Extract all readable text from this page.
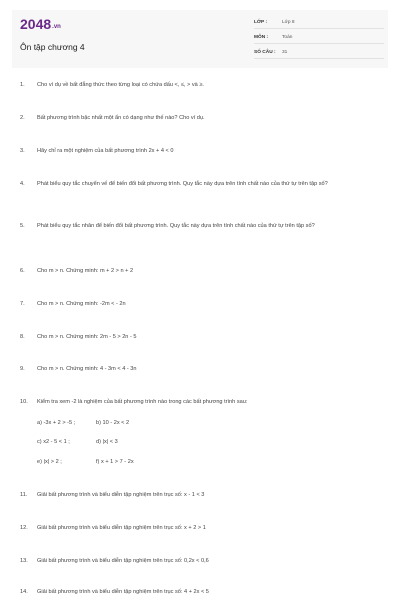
2048.vn
Ôn tập chương 4
LỚP :	Lớp 8
MÔN :	Toán
SỐ CÂU :	31
1.	Cho ví dụ về bất đẳng thức theo từng loại có chứa dấu <, ≤, > và ≥.
2.	Bất phương trình bậc nhất một ẩn có dạng như thế nào? Cho ví dụ.
3.	Hãy chỉ ra một nghiệm của bất phương trình 2x + 4 < 0
4.	Phát biểu quy tắc chuyển vế để biến đổi bất phương trình. Quy tắc này dựa trên tính chất nào của thứ tự trên tập số?
5.	Phát biểu quy tắc nhân để biến đổi bất phương trình. Quy tắc này dựa trên tính chất nào của thứ tự trên tập số?
6.	Cho m > n. Chứng minh: m + 2 > n + 2
7.	Cho m > n. Chứng minh: -2m < - 2n
8.	Cho m > n. Chứng minh: 2m - 5 > 2n - 5
9.	Cho m > n. Chứng minh: 4 - 3m < 4 - 3n
10.	Kiểm tra xem -2 là nghiệm của bất phương trình nào trong các bất phương trình sau:
a) -3x + 2 > -5 ;	b) 10 - 2x < 2
c) x2 - 5 < 1 ;	d) |x| < 3
e) |x| > 2 ;	f) x + 1 > 7 - 2x
11.	Giải bất phương trình và biểu diễn tập nghiệm trên trục số: x - 1 < 3
12.	Giải bất phương trình và biểu diễn tập nghiệm trên trục số: x + 2 > 1
13.	Giải bất phương trình và biểu diễn tập nghiệm trên trục số: 0,2x < 0,6
14.	Giải bất phương trình và biểu diễn tập nghiệm trên trục số: 4 + 2x < 5
